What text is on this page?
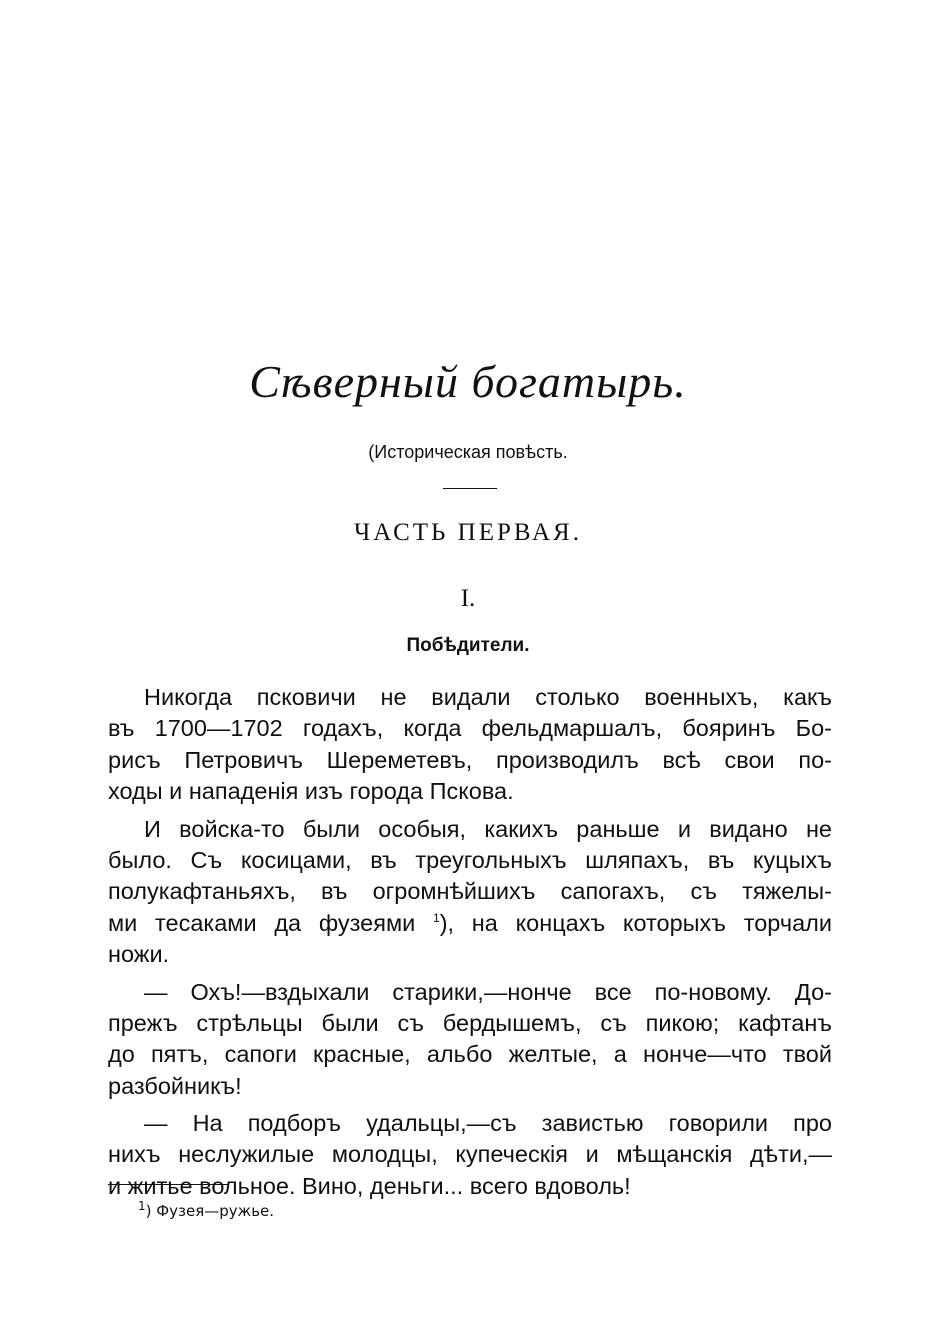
Сѣверный богатырь.
(Историческая повѣсть.
ЧАСТЬ ПЕРВАЯ.
I.
Побѣдители.
Никогда псковичи не видали столько военныхъ, какъ
въ 1700—1702 годахъ, когда фельдмаршалъ, бояринъ Бо-
рисъ Петровичъ Шереметевъ, производилъ всѣ свои по-
ходы и нападенія изъ города Пскова.
И войска-то были особыя, какихъ раньше и видано не
было. Съ косицами, въ треугольныхъ шляпахъ, въ куцыхъ
полукафтаньяхъ, въ огромнѣйшихъ сапогахъ, съ тяжелы-
ми тесаками да фузеями $^1$), на концахъ которыхъ торчали
ножи.
— Охъ!—вздыхали старики,—нонче все по-новому. До-
прежъ стрѣльцы были съ бердышемъ, съ пикою; кафтанъ
до пятъ, сапоги красные, альбо желтые, а нонче—что твой
разбойникъ!
— На подборъ удальцы,—съ завистью говорили про
нихъ неслужилые молодцы, купеческія и мѣщанскія дѣти,—
и житье вольное. Вино, деньги... всего вдоволь!
$^1$) Фузея—ружье.
